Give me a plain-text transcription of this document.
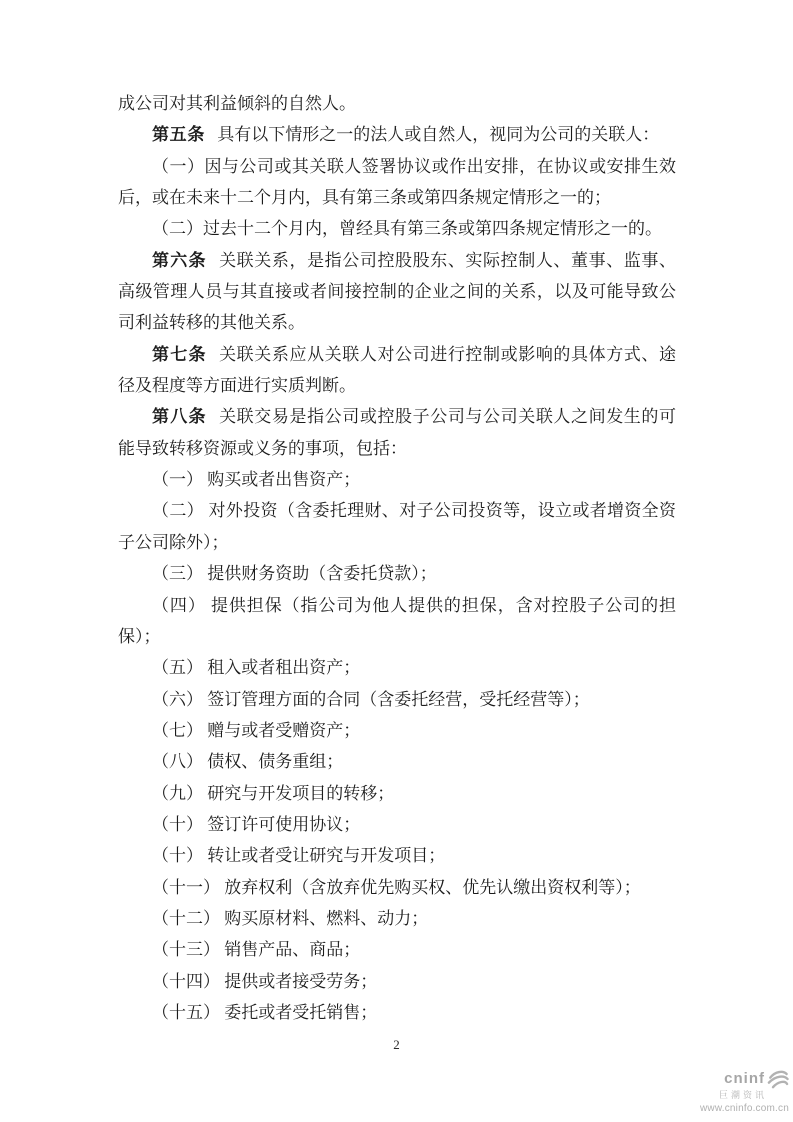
成公司对其利益倾斜的自然人。

第五条 具有以下情形之一的法人或自然人，视同为公司的关联人：

（一）因与公司或其关联人签署协议或作出安排，在协议或安排生效后，或在未来十二个月内，具有第三条或第四条规定情形之一的；

（二）过去十二个月内，曾经具有第三条或第四条规定情形之一的。

第六条 关联关系，是指公司控股股东、实际控制人、董事、监事、高级管理人员与其直接或者间接控制的企业之间的关系，以及可能导致公司利益转移的其他关系。

第七条 关联关系应从关联人对公司进行控制或影响的具体方式、途径及程度等方面进行实质判断。

第八条 关联交易是指公司或控股子公司与公司关联人之间发生的可能导致转移资源或义务的事项，包括：

（一） 购买或者出售资产；

（二） 对外投资（含委托理财、对子公司投资等，设立或者增资全资子公司除外）；

（三） 提供财务资助（含委托贷款）；

（四） 提供担保（指公司为他人提供的担保，含对控股子公司的担保）；

（五） 租入或者租出资产；

（六） 签订管理方面的合同（含委托经营，受托经营等）；

（七） 赠与或者受赠资产；

（八） 债权、债务重组；

（九） 研究与开发项目的转移；

（十） 签订许可使用协议；

（十） 转让或者受让研究与开发项目；

（十一） 放弃权利（含放弃优先购买权、优先认缴出资权利等）；

（十二） 购买原材料、燃料、动力；

（十三） 销售产品、商品；

（十四） 提供或者接受劳务；

（十五） 委托或者受托销售；

2
cninf
巨潮资讯
www.cninfo.com.cn
